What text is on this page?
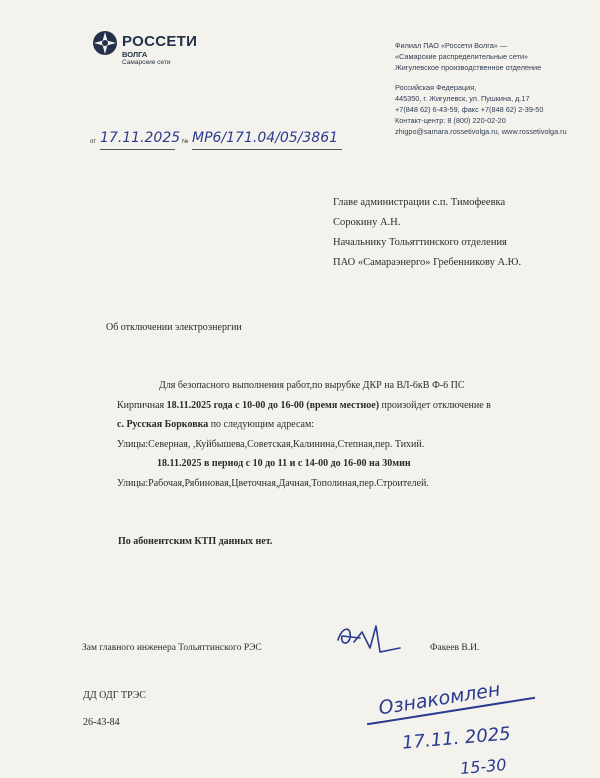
РОССЕТИ
ВОЛГА
Самарские сети
Филиал ПАО «Россети Волга» —
«Самарские распределительные сети»
Жигулевское производственное отделение
Российская Федерация,
445350, г. Жигулевск, ул. Пушкина, д.17
+7(848 62) 6-43-59, факс +7(848 62) 2-39-50
Контакт-центр: 8 (800) 220-02-20
zhigpo@samara.rossetivolga.ru, www.rossetivolga.ru
от 17.11.2025 № МР6/171.04/05/3861
Главе администрации с.п. Тимофеевка
Сорокину А.Н.
Начальнику Тольяттинского отделения
ПАО «Самараэнерго» Гребенникову А.Ю.
Об отключении электроэнергии
Для безопасного выполнения работ,по вырубке ДКР на ВЛ-6кВ Ф-6 ПС
Кирпичная 18.11.2025 года с 10-00 до 16-00 (время местное) произойдет отключение в
с. Русская Борковка по следующим адресам:
Улицы:Северная, ,Куйбышева,Советская,Калинина,Степная,пер. Тихий.
18.11.2025 в период с 10 до 11 и с 14-00 до 16-00 на 30мин
Улицы:Рабочая,Рябиновая,Цветочная,Дачная,Тополиная,пер.Строителей.
По абонентским КТП данных нет.
Зам главного инженера Тольяттинского РЭС	Факеев В.И.
ДД ОДГ ТРЭС
26-43-84
Ознакомлен
17.11. 2025
15-30
